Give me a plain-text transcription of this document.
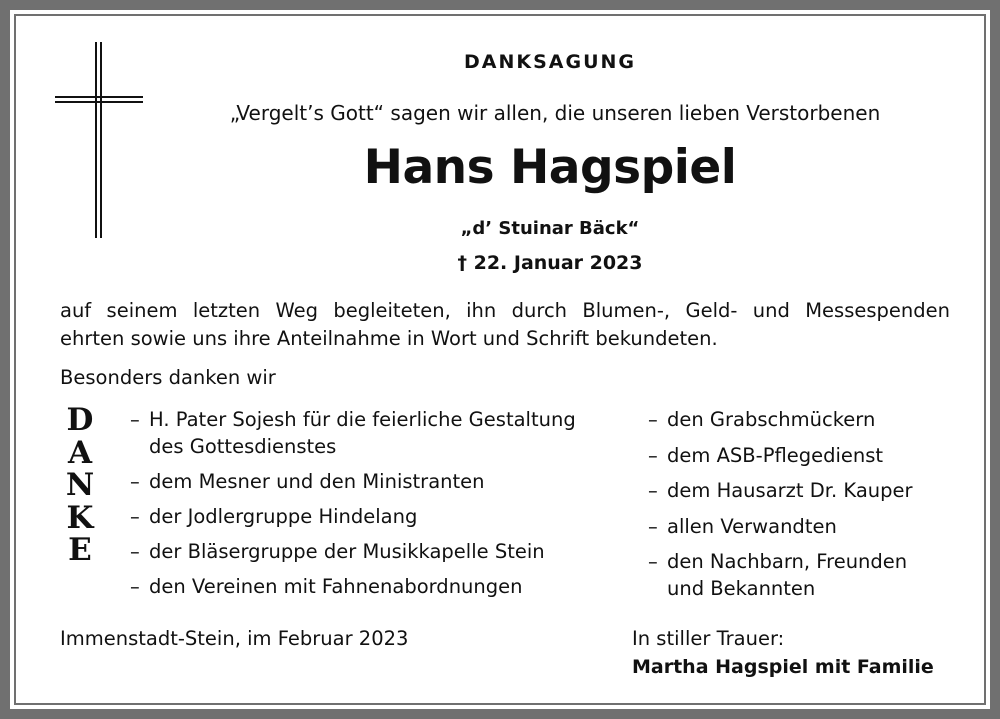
DANKSAGUNG
„Vergelt’s Gott“ sagen wir allen, die unseren lieben Verstorbenen
Hans Hagspiel
„d’ Stuinar Bäck“
† 22. Januar 2023
auf seinem letzten Weg begleiteten, ihn durch Blumen-, Geld- und Messespenden
ehrten sowie uns ihre Anteilnahme in Wort und Schrift bekundeten.
Besonders danken wir
D
A
N
K
E
– H. Pater Sojesh für die feierliche Gestaltung
des Gottesdienstes
– dem Mesner und den Ministranten
– der Jodlergruppe Hindelang
– der Bläsergruppe der Musikkapelle Stein
– den Vereinen mit Fahnenabordnungen
– den Grabschmückern
– dem ASB-Pflegedienst
– dem Hausarzt Dr. Kauper
– allen Verwandten
– den Nachbarn, Freunden
und Bekannten
Immenstadt-Stein, im Februar 2023	In stiller Trauer:
Martha Hagspiel mit Familie
